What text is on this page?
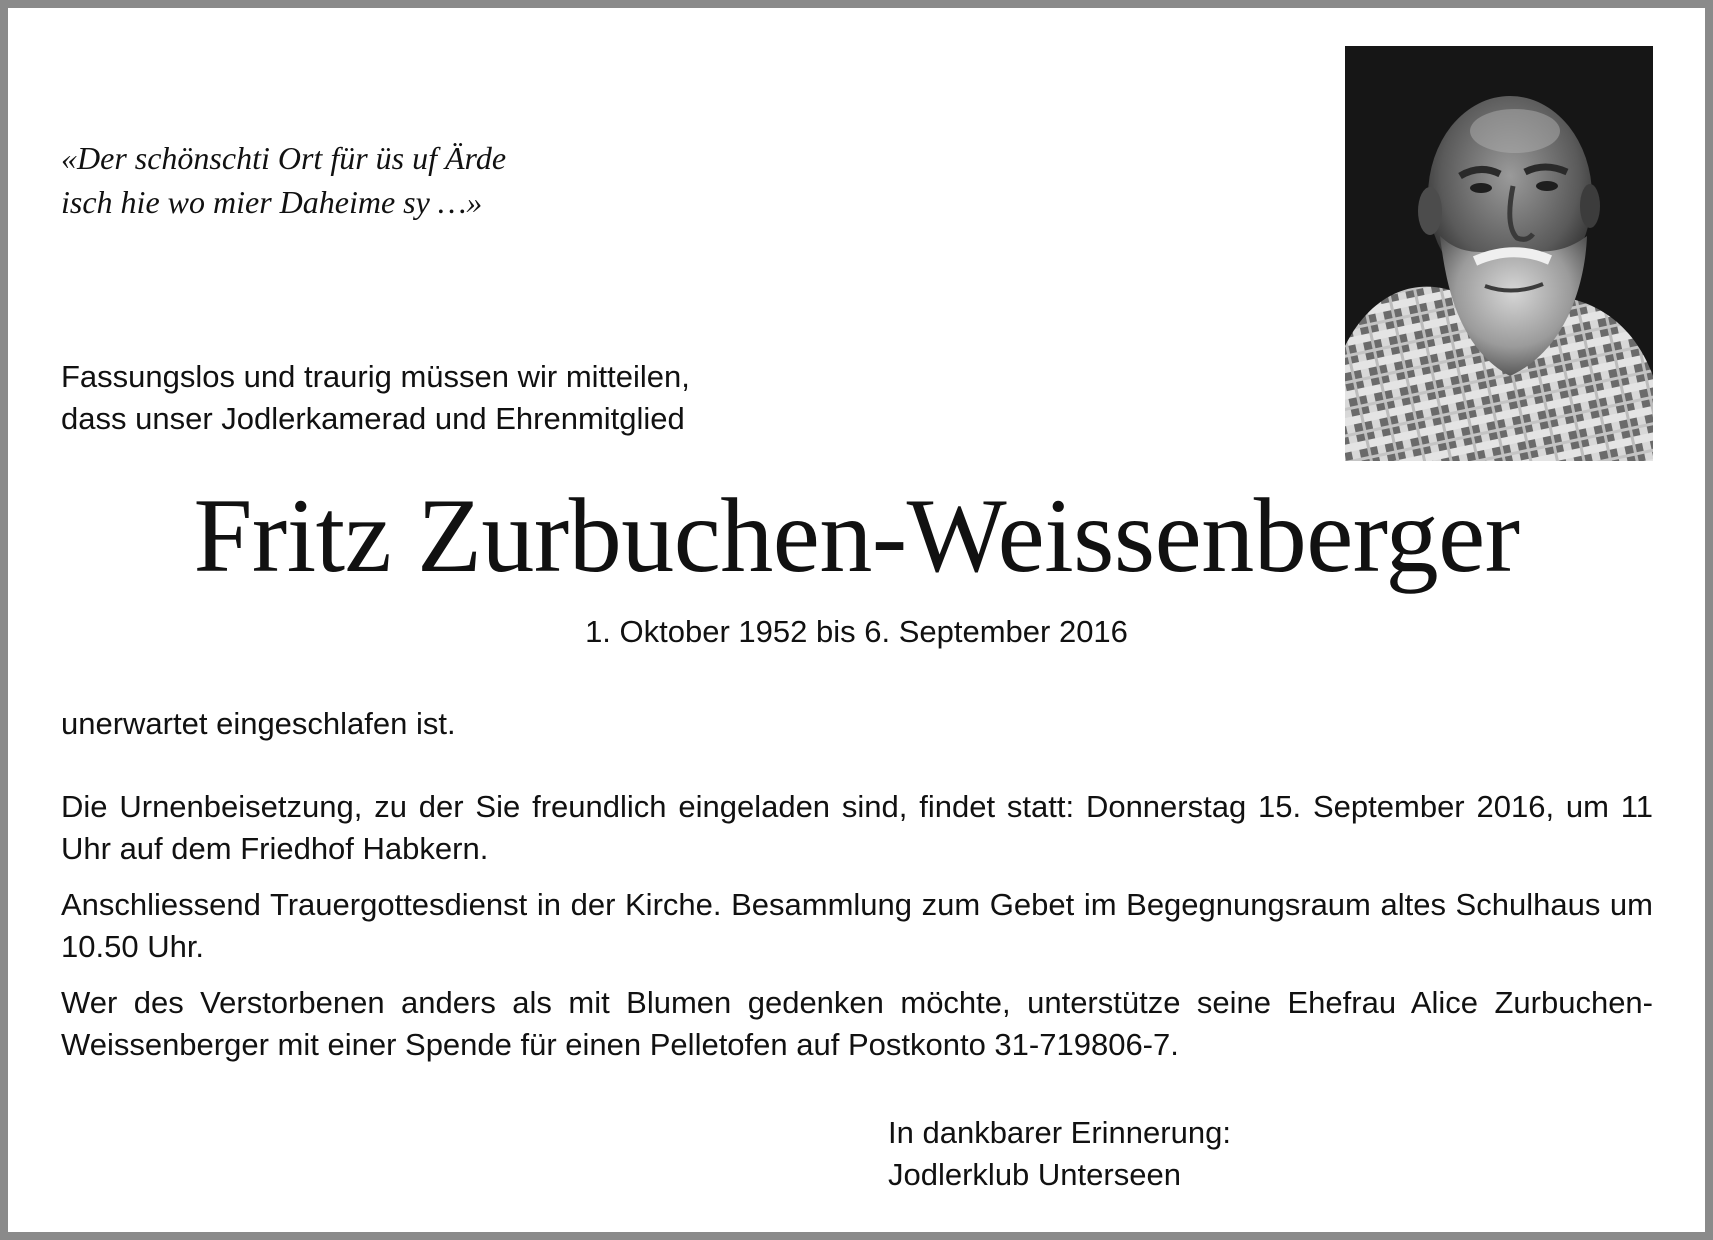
«Der schönschti Ort für üs uf Ärde
isch hie wo mier Daheime sy …»
Fassungslos und traurig müssen wir mitteilen,
dass unser Jodlerkamerad und Ehrenmitglied
Fritz Zurbuchen-Weissenberger
1. Oktober 1952 bis 6. September 2016
unerwartet eingeschlafen ist.

Die Urnenbeisetzung, zu der Sie freundlich eingeladen sind, findet statt: Donnerstag 15. September 2016, um 11 Uhr auf dem Friedhof Habkern.

Anschliessend Trauergottesdienst in der Kirche. Besammlung zum Gebet im Begegnungsraum altes Schulhaus um 10.50 Uhr.

Wer des Verstorbenen anders als mit Blumen gedenken möchte, unterstütze seine Ehefrau Alice Zurbuchen-Weissenberger mit einer Spende für einen Pelletofen auf Postkonto 31-719806-7.

In dankbarer Erinnerung:
Jodlerklub Unterseen
